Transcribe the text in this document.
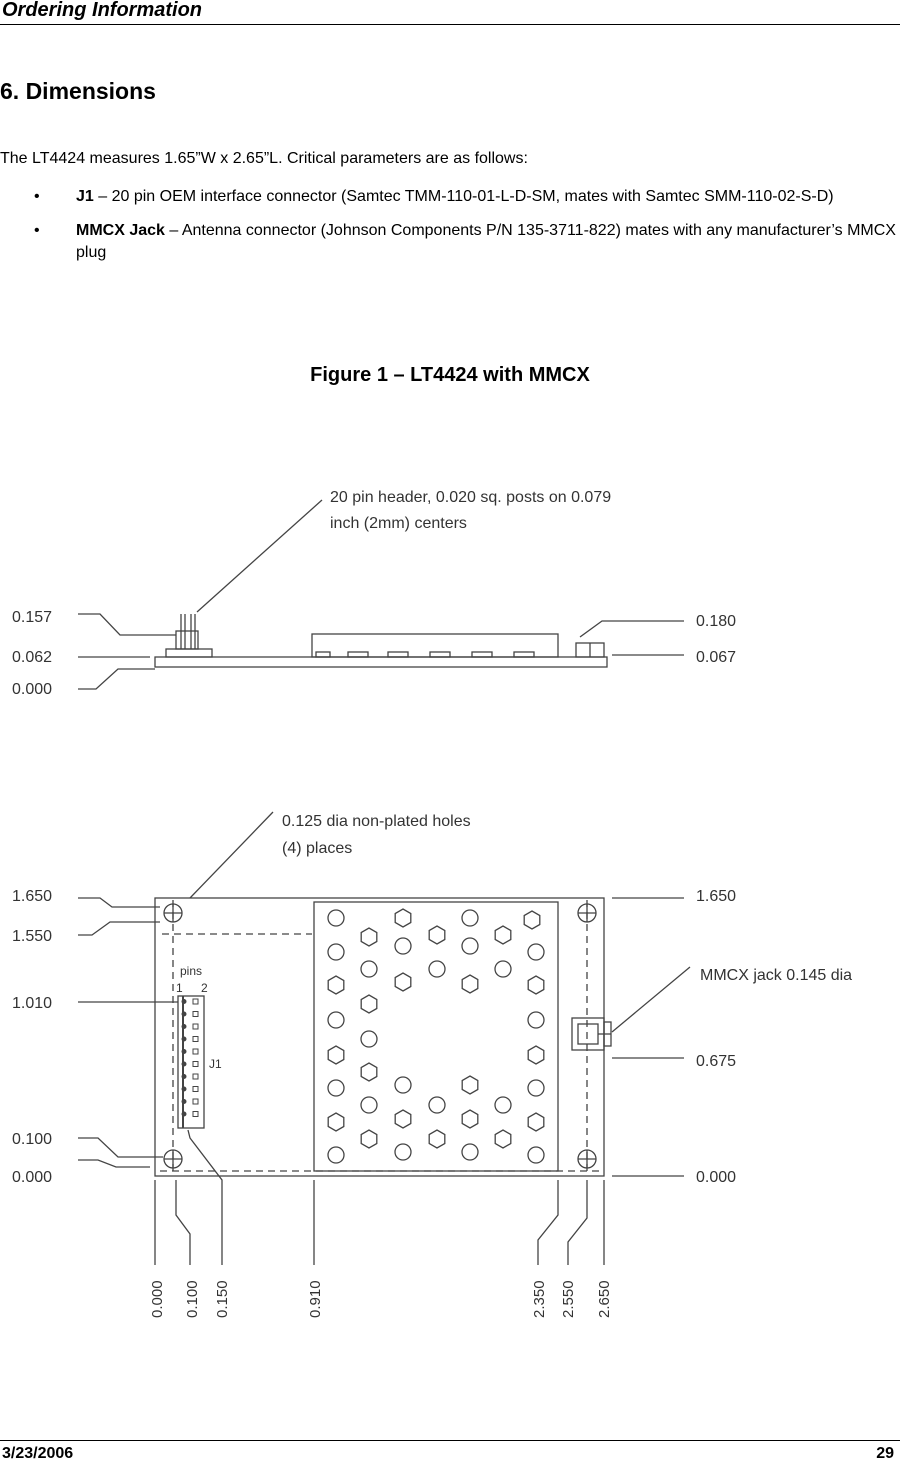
Ordering Information
6. Dimensions
The LT4424 measures 1.65”W x 2.65”L. Critical parameters are as follows:
• J1 – 20 pin OEM interface connector (Samtec TMM-110-01-L-D-SM, mates with Samtec SMM-110-02-S-D)
• MMCX Jack – Antenna connector (Johnson Components P/N 135-3711-822) mates with any manufacturer’s MMCX plug
Figure 1 – LT4424 with MMCX
20 pin header, 0.020 sq. posts on 0.079
inch (2mm) centers
0.157
0.062
0.000
0.180
0.067
0.125 dia non-plated holes
(4) places
1.650
1.550
1.010
0.100
0.000
1.650
MMCX jack 0.145 dia
0.675
0.000
pins
1 2
J1
0.000 0.100 0.150	0.910	2.350 2.550 2.650
3/23/2006	29
